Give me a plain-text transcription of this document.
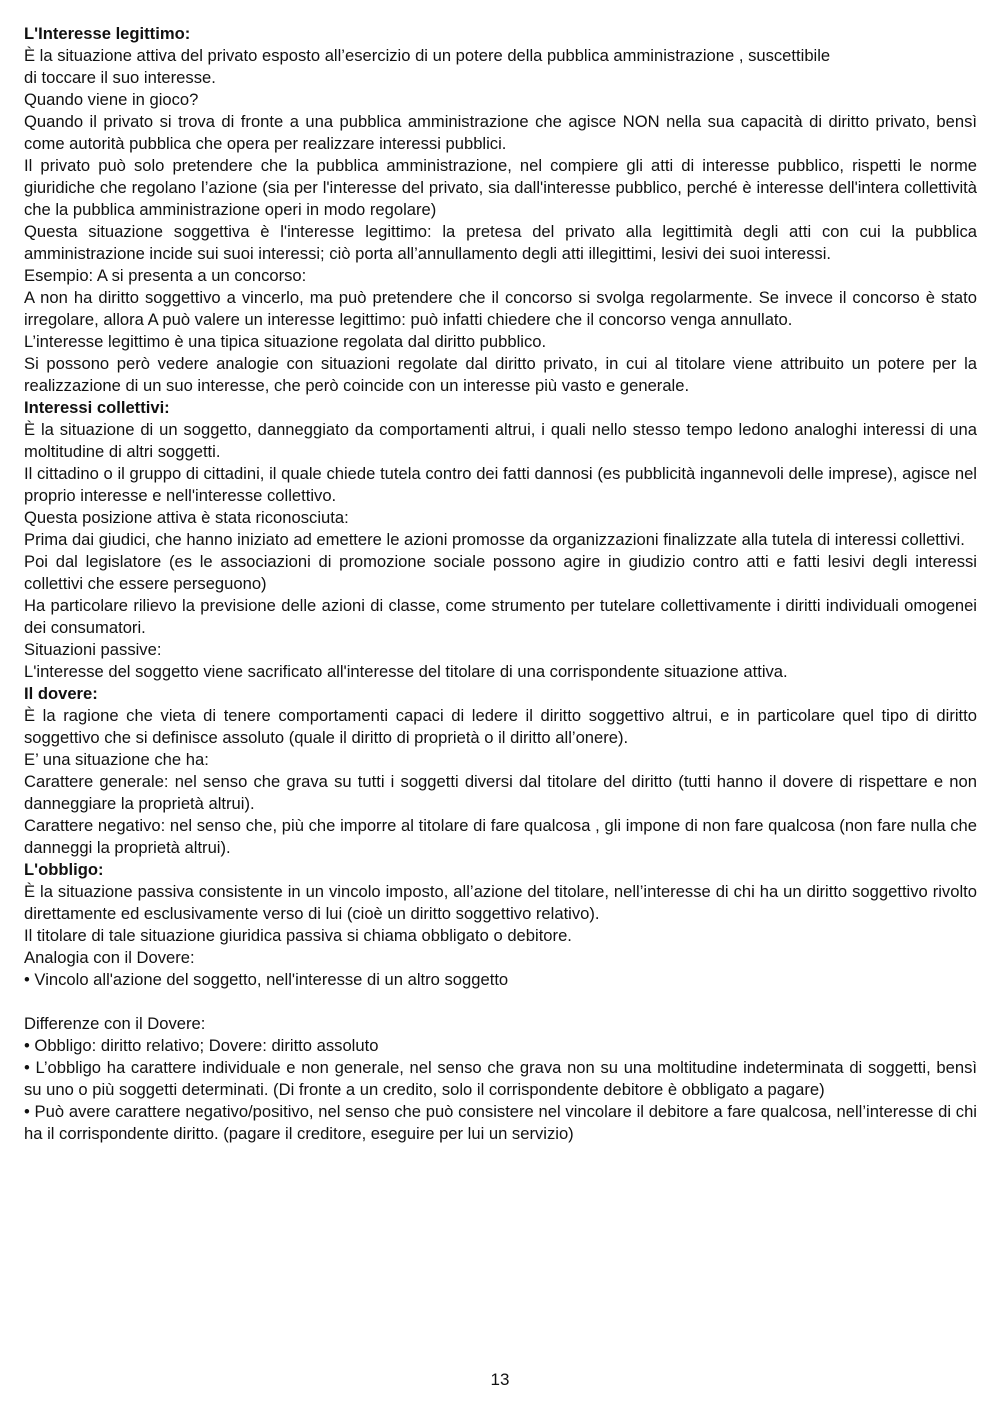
L'Interesse legittimo:

È la situazione attiva del privato esposto all’esercizio di un potere della pubblica amministrazione , suscettibile di toccare il suo interesse.

Quando viene in gioco?

Quando il privato si trova di fronte a una pubblica amministrazione che agisce NON nella sua capacità di diritto privato, bensì come autorità pubblica che opera per realizzare interessi pubblici.

Il privato può solo pretendere che la pubblica amministrazione, nel compiere gli atti di interesse pubblico, rispetti le norme giuridiche che regolano l’azione (sia per l'interesse del privato, sia dall'interesse pubblico, perché è interesse dell'intera collettività che la pubblica amministrazione operi in modo regolare)

Questa situazione soggettiva è l'interesse legittimo: la pretesa del privato alla legittimità degli atti con cui la pubblica amministrazione incide sui suoi interessi; ciò porta all’annullamento degli atti illegittimi, lesivi dei suoi interessi.

Esempio: A si presenta a un concorso:

A non ha diritto soggettivo a vincerlo, ma può pretendere che il concorso si svolga regolarmente. Se invece il concorso è stato irregolare, allora A può valere un interesse legittimo: può infatti chiedere che il concorso venga annullato.

L’interesse legittimo è una tipica situazione regolata dal diritto pubblico.

Si possono però vedere analogie con situazioni regolate dal diritto privato, in cui al titolare viene attribuito un potere per la realizzazione di un suo interesse, che però coincide con un interesse più vasto e generale.

Interessi collettivi:

È la situazione di un soggetto, danneggiato da comportamenti altrui, i quali nello stesso tempo ledono analoghi interessi di una moltitudine di altri soggetti.

Il cittadino o il gruppo di cittadini, il quale chiede tutela contro dei fatti dannosi (es pubblicità ingannevoli delle imprese), agisce nel proprio interesse e nell'interesse collettivo.

Questa posizione attiva è stata riconosciuta:

Prima dai giudici, che hanno iniziato ad emettere le azioni promosse da organizzazioni finalizzate alla tutela di interessi collettivi.

Poi dal legislatore (es le associazioni di promozione sociale possono agire in giudizio contro atti e fatti lesivi degli interessi collettivi che essere perseguono)

Ha particolare rilievo la previsione delle azioni di classe, come strumento per tutelare collettivamente i diritti individuali omogenei dei consumatori.

Situazioni passive:

L'interesse del soggetto viene sacrificato all'interesse del titolare di una corrispondente situazione attiva.

Il dovere:

È la ragione che vieta di tenere comportamenti capaci di ledere il diritto soggettivo altrui, e in particolare quel tipo di diritto soggettivo che si definisce assoluto (quale il diritto di proprietà o il diritto all’onere).

E’ una situazione che ha:

Carattere generale: nel senso che grava su tutti i soggetti diversi dal titolare del diritto (tutti hanno il dovere di rispettare e non danneggiare la proprietà altrui).

Carattere negativo: nel senso che, più che imporre al titolare di fare qualcosa , gli impone di non fare qualcosa (non fare nulla che danneggi la proprietà altrui).

L'obbligo:

È la situazione passiva consistente in un vincolo imposto, all’azione del titolare, nell’interesse di chi ha un diritto soggettivo rivolto direttamente ed esclusivamente verso di lui (cioè un diritto soggettivo relativo).

Il titolare di tale situazione giuridica passiva si chiama obbligato o debitore.

Analogia con il Dovere:

• Vincolo all'azione del soggetto, nell'interesse di un altro soggetto

Differenze con il Dovere:

• Obbligo: diritto relativo; Dovere: diritto assoluto

• L’obbligo ha carattere individuale e non generale, nel senso che grava non su una moltitudine indeterminata di soggetti, bensì su uno o più soggetti determinati. (Di fronte a un credito, solo il corrispondente debitore è obbligato a pagare)

• Può avere carattere negativo/positivo, nel senso che può consistere nel vincolare il debitore a fare qualcosa, nell’interesse di chi ha il corrispondente diritto. (pagare il creditore, eseguire per lui un servizio)

13
